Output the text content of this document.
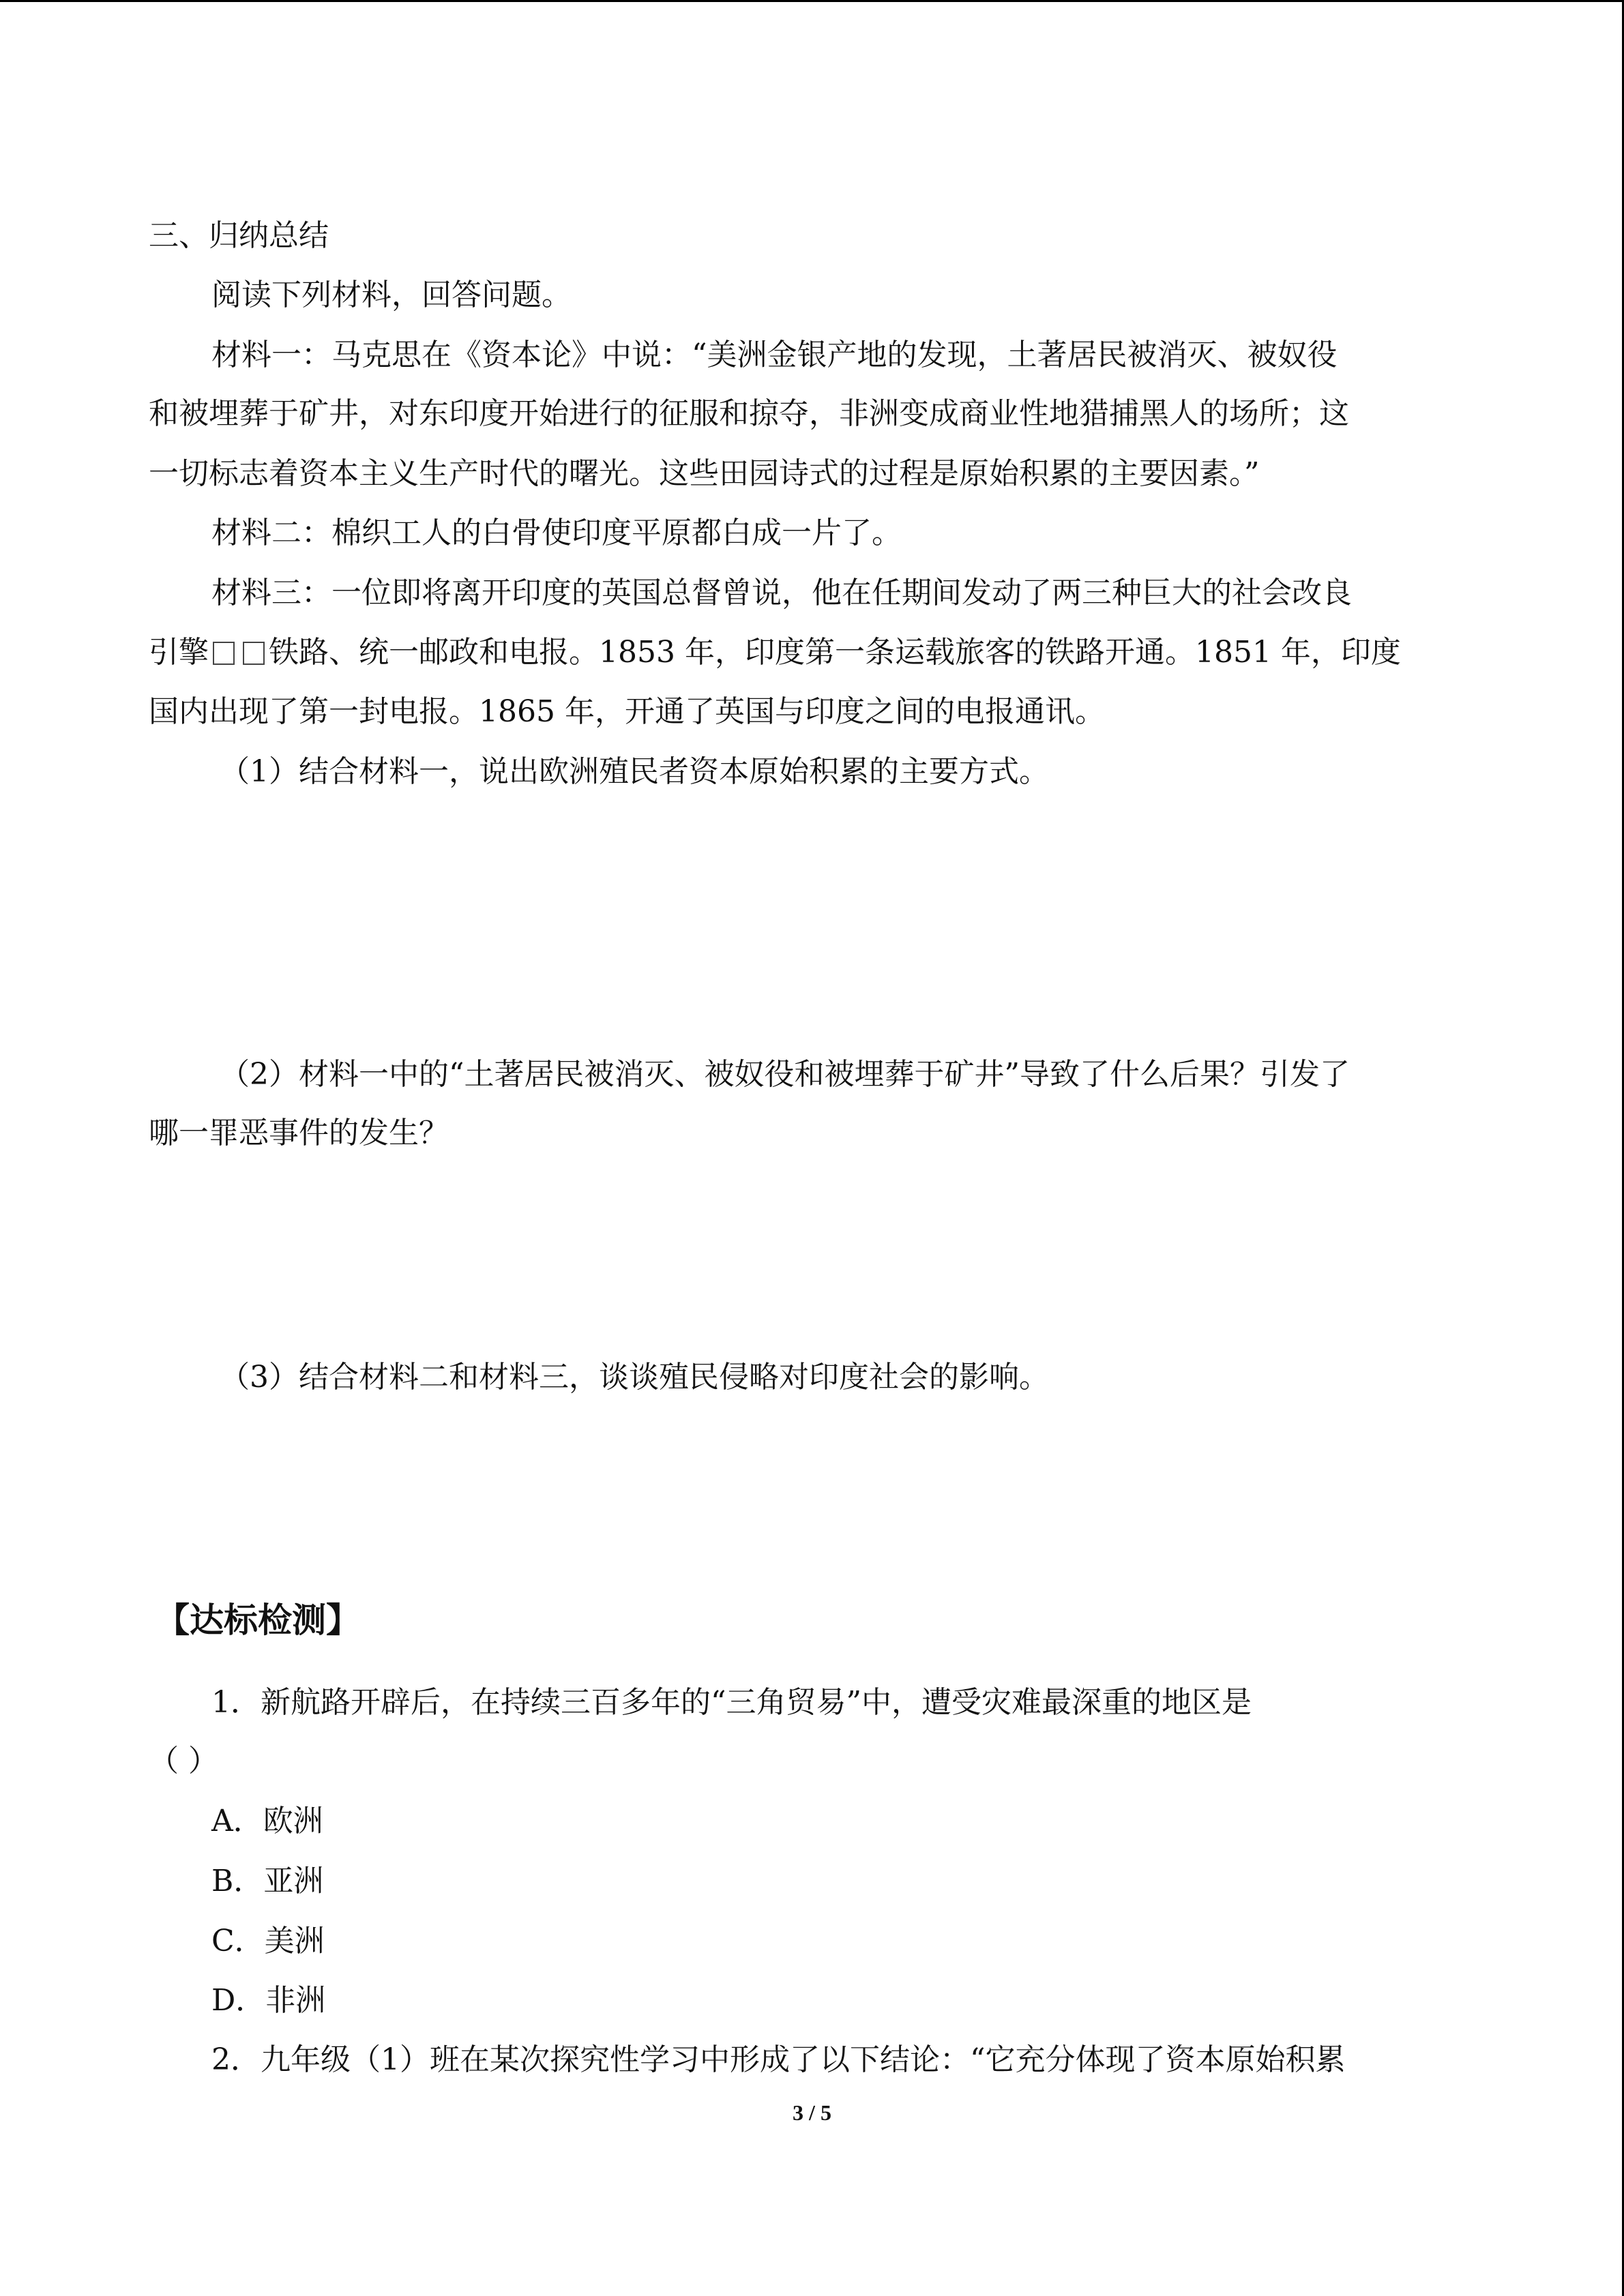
三、归纳总结
阅读下列材料，回答问题。
材料一：马克思在《资本论》中说：“美洲金银产地的发现，土著居民被消灭、被奴役
和被埋葬于矿井，对东印度开始进行的征服和掠夺，非洲变成商业性地猎捕黑人的场所；这
一切标志着资本主义生产时代的曙光。这些田园诗式的过程是原始积累的主要因素。”
材料二：棉织工人的白骨使印度平原都白成一片了。
材料三：一位即将离开印度的英国总督曾说，他在任期间发动了两三种巨大的社会改良
引擎 铁路、统一邮政和电报。1853 年，印度第一条运载旅客的铁路开通。1851 年，印度
国内出现了第一封电报。1865 年，开通了英国与印度之间的电报通讯。
（1）结合材料一，说出欧洲殖民者资本原始积累的主要方式。
（2）材料一中的“土著居民被消灭、被奴役和被埋葬于矿井”导致了什么后果？引发了
哪一罪恶事件的发生？
（3）结合材料二和材料三，谈谈殖民侵略对印度社会的影响。
【达标检测】
1．新航路开辟后，在持续三百多年的“三角贸易”中，遭受灾难最深重的地区是
（ ）
A．欧洲
B．亚洲
C．美洲
D．非洲
2．九年级（1）班在某次探究性学习中形成了以下结论：“它充分体现了资本原始积累
3 / 5
